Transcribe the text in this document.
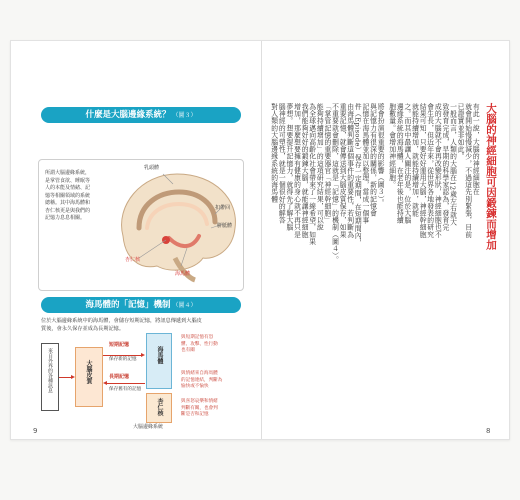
什麼是大腦邊緣系統？ （圖３）
所謂大腦邊緣系統，
是掌管食欲、睡眠等
人的本能及情緒、記
憶等相關領域的系統
總稱。其中海馬體和
杏仁核更是與我們的
記憶力息息相關。
乳頭體
扣帶回
胼胝體
杏仁核
海馬體
海馬體的「記憶」機制 （圖４）
位於大腦邊緣系統中的海馬體，會儲存短期記憶，將訊息傳遞到大腦皮
質後，會永久保存並成為長期記憶。
來自外界的各種訊息	大腦皮質
短期記憶
保存新的記憶
長期記憶
保存舊有的記憶
海馬體
杏仁核
與短期記憶有恐
懼、攻擊、性行動
也有關
與情緒來自海馬體
的記憶連結，判斷為
愉快或不愉快
與喜怒哀樂和情緒
判斷有關，也會判
斷是否和記憶
大腦邊緣系統
9
大腦的神經細胞可因鍛鍊而增加
有此一說，大腦的神經細胞在
就會開始慢慢減少，不過這先別緊張，目前
已證實並非如此。
一般而言，人類的大腦在12歲左右就大
致發育完成，早期的科學家認為，發育完
成的大腦就不會再改變形狀，神經細胞也不
會生長，但近年來，從世界各地發表的研究
結果可知，只要好好運用大腦，神經幹細胞
就能持續增加，就能持續增加，就能
之。而其中最讓人關注的是，位於大腦
邊緣系統的海馬體，在老年後也能持續
胞數量。會增加神經細胞。
將會扮演很重要的影響（圖３）。
與記憶力有很深的關係，新的記憶會
記憶在海馬體並加以整理，當成一個事
件（Episode）保存一定期間，在短期間內，
由海馬體判斷這個事件的重要性，若判斷為
重要記憶，就會傳送到大腦皮質保存，如果
不重要就會刪除，這就是「記憶」的機制（圖４）。
「掌管記憶的重要器官「神經幹細胞」
能夠持續增加」的這項研究結果，可以說
為全球邁向高齡化社會帶來了一線希望，如果
我們能夠好好的鍛鍊大腦，就能讓神經細胞
增加，那麼想要擁有健康的身心就不再只是
夢想。想要提升記憶力，就得先了解大腦
腦神經的可塑性，就是一個很好的解答
對人類的大腦邊緣系統的海馬體
8
